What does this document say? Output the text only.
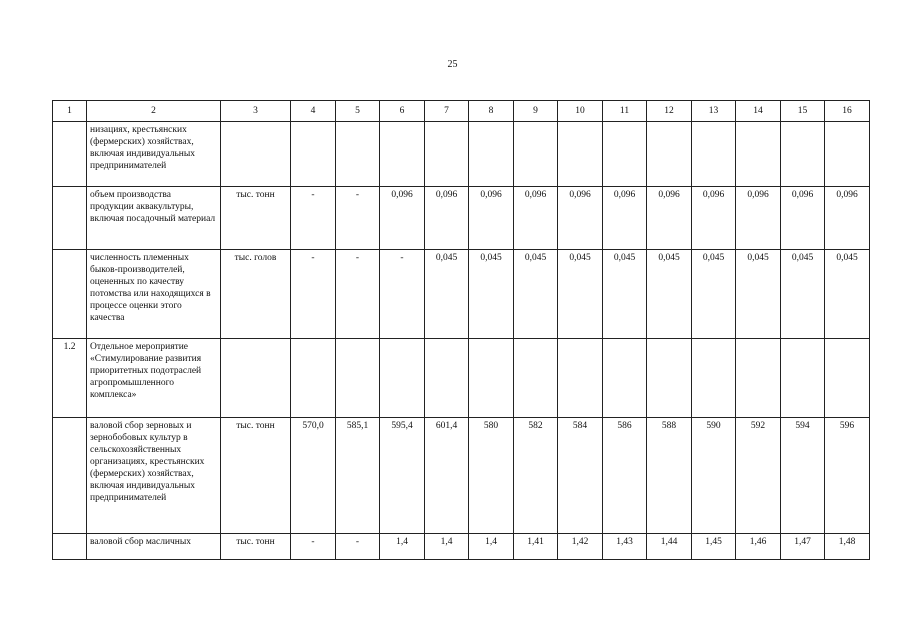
25
1	2	3	4	5	6	7	8	9	10	11	12	13	14	15	16
	низациях, крестьянских (фермерских) хозяйствах, включая индивидуальных предпринимателей														
	объем производства продукции аквакультуры, включая посадочный материал	тыс. тонн	-	-	0,096	0,096	0,096	0,096	0,096	0,096	0,096	0,096	0,096	0,096	0,096
	численность племенных быков-производителей, оцененных по качеству потомства или находящихся в процессе оценки этого качества	тыс. голов	-	-	-	0,045	0,045	0,045	0,045	0,045	0,045	0,045	0,045	0,045	0,045
1.2	Отдельное мероприятие «Стимулирование развития приоритетных подотраслей агропромышленного комплекса»														
	валовой сбор зерновых и зернобобовых культур в сельскохозяйственных организациях, крестьянских (фермерских) хозяйствах, включая индивидуальных предпринимателей	тыс. тонн	570,0	585,1	595,4	601,4	580	582	584	586	588	590	592	594	596
	валовой сбор масличных	тыс. тонн	-	-	1,4	1,4	1,4	1,41	1,42	1,43	1,44	1,45	1,46	1,47	1,48
